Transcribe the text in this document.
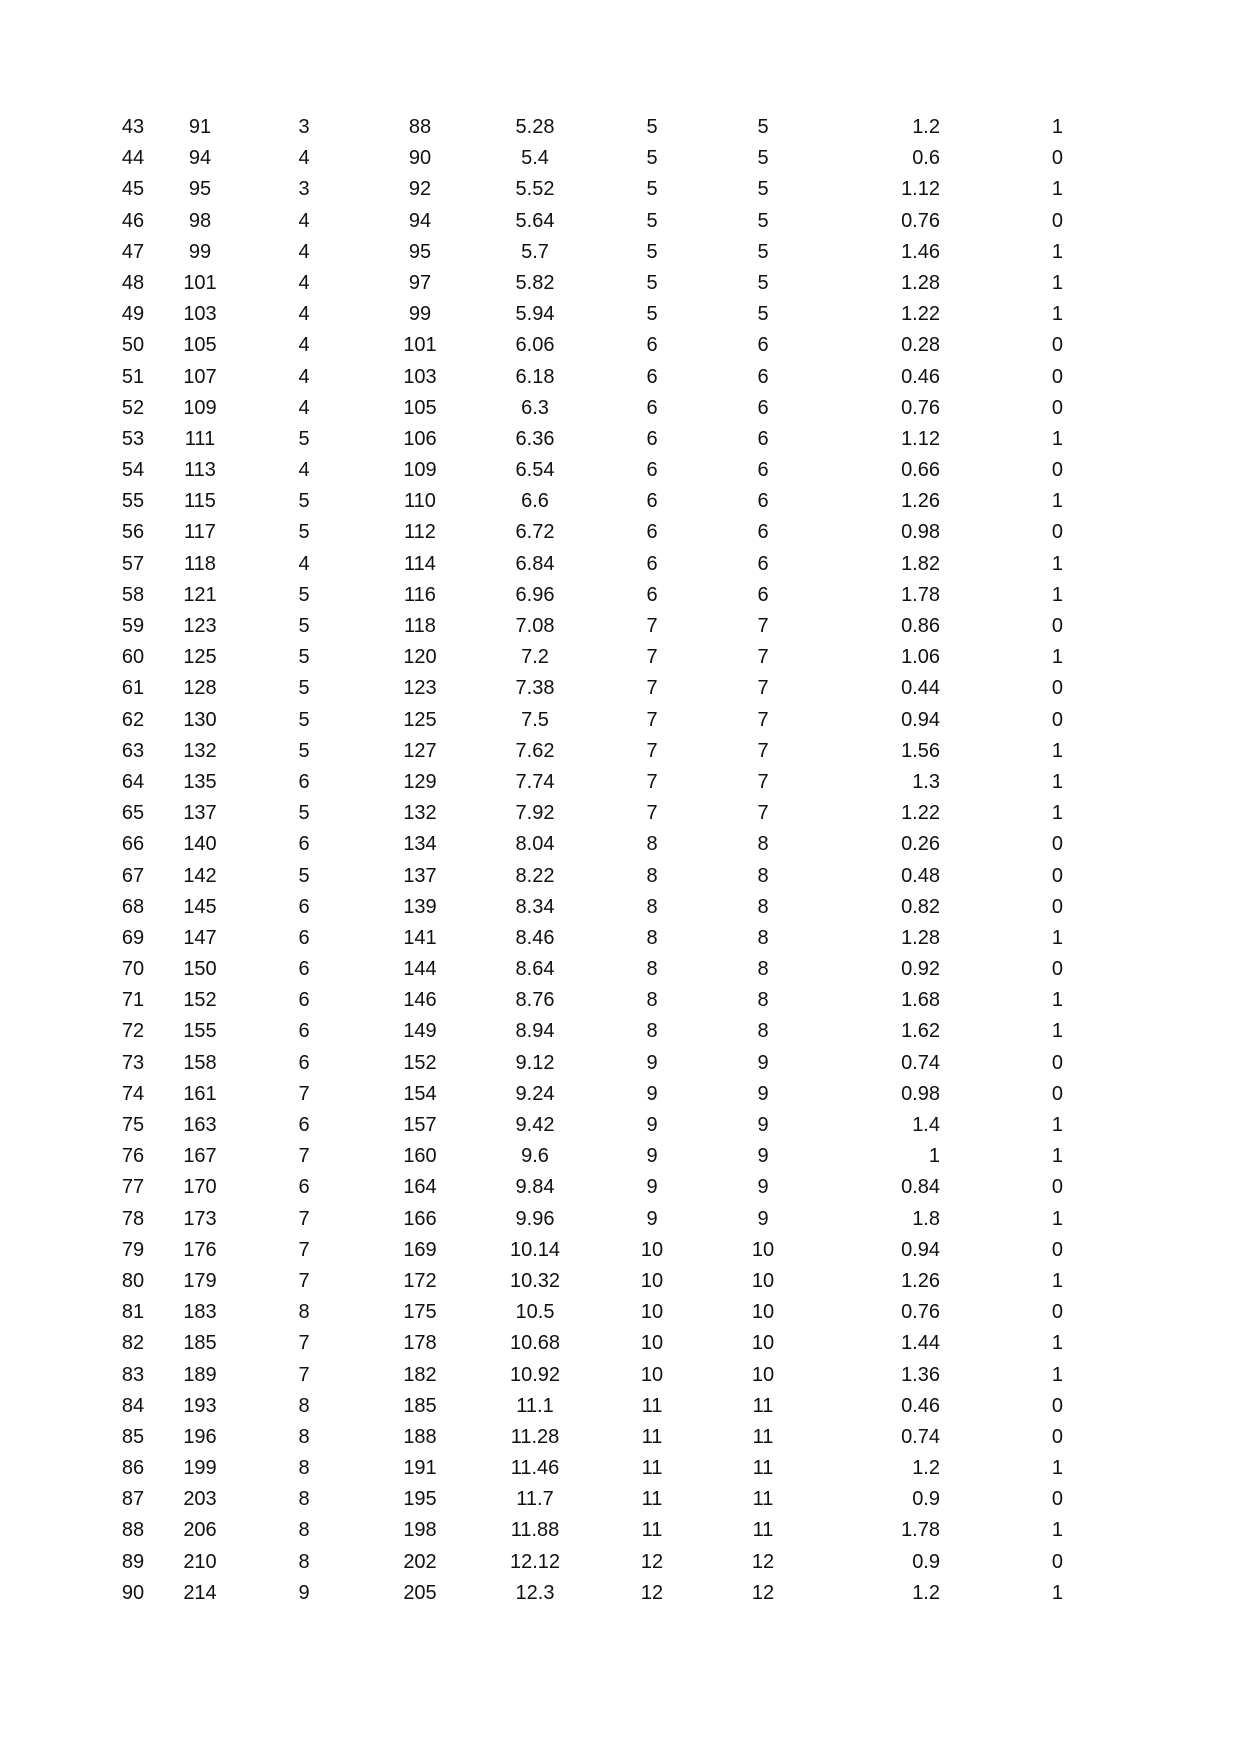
43	91	3	88	5.28	5	5	1.2	1
44	94	4	90	5.4	5	5	0.6	0
45	95	3	92	5.52	5	5	1.12	1
46	98	4	94	5.64	5	5	0.76	0
47	99	4	95	5.7	5	5	1.46	1
48	101	4	97	5.82	5	5	1.28	1
49	103	4	99	5.94	5	5	1.22	1
50	105	4	101	6.06	6	6	0.28	0
51	107	4	103	6.18	6	6	0.46	0
52	109	4	105	6.3	6	6	0.76	0
53	111	5	106	6.36	6	6	1.12	1
54	113	4	109	6.54	6	6	0.66	0
55	115	5	110	6.6	6	6	1.26	1
56	117	5	112	6.72	6	6	0.98	0
57	118	4	114	6.84	6	6	1.82	1
58	121	5	116	6.96	6	6	1.78	1
59	123	5	118	7.08	7	7	0.86	0
60	125	5	120	7.2	7	7	1.06	1
61	128	5	123	7.38	7	7	0.44	0
62	130	5	125	7.5	7	7	0.94	0
63	132	5	127	7.62	7	7	1.56	1
64	135	6	129	7.74	7	7	1.3	1
65	137	5	132	7.92	7	7	1.22	1
66	140	6	134	8.04	8	8	0.26	0
67	142	5	137	8.22	8	8	0.48	0
68	145	6	139	8.34	8	8	0.82	0
69	147	6	141	8.46	8	8	1.28	1
70	150	6	144	8.64	8	8	0.92	0
71	152	6	146	8.76	8	8	1.68	1
72	155	6	149	8.94	8	8	1.62	1
73	158	6	152	9.12	9	9	0.74	0
74	161	7	154	9.24	9	9	0.98	0
75	163	6	157	9.42	9	9	1.4	1
76	167	7	160	9.6	9	9	1	1
77	170	6	164	9.84	9	9	0.84	0
78	173	7	166	9.96	9	9	1.8	1
79	176	7	169	10.14	10	10	0.94	0
80	179	7	172	10.32	10	10	1.26	1
81	183	8	175	10.5	10	10	0.76	0
82	185	7	178	10.68	10	10	1.44	1
83	189	7	182	10.92	10	10	1.36	1
84	193	8	185	11.1	11	11	0.46	0
85	196	8	188	11.28	11	11	0.74	0
86	199	8	191	11.46	11	11	1.2	1
87	203	8	195	11.7	11	11	0.9	0
88	206	8	198	11.88	11	11	1.78	1
89	210	8	202	12.12	12	12	0.9	0
90	214	9	205	12.3	12	12	1.2	1
